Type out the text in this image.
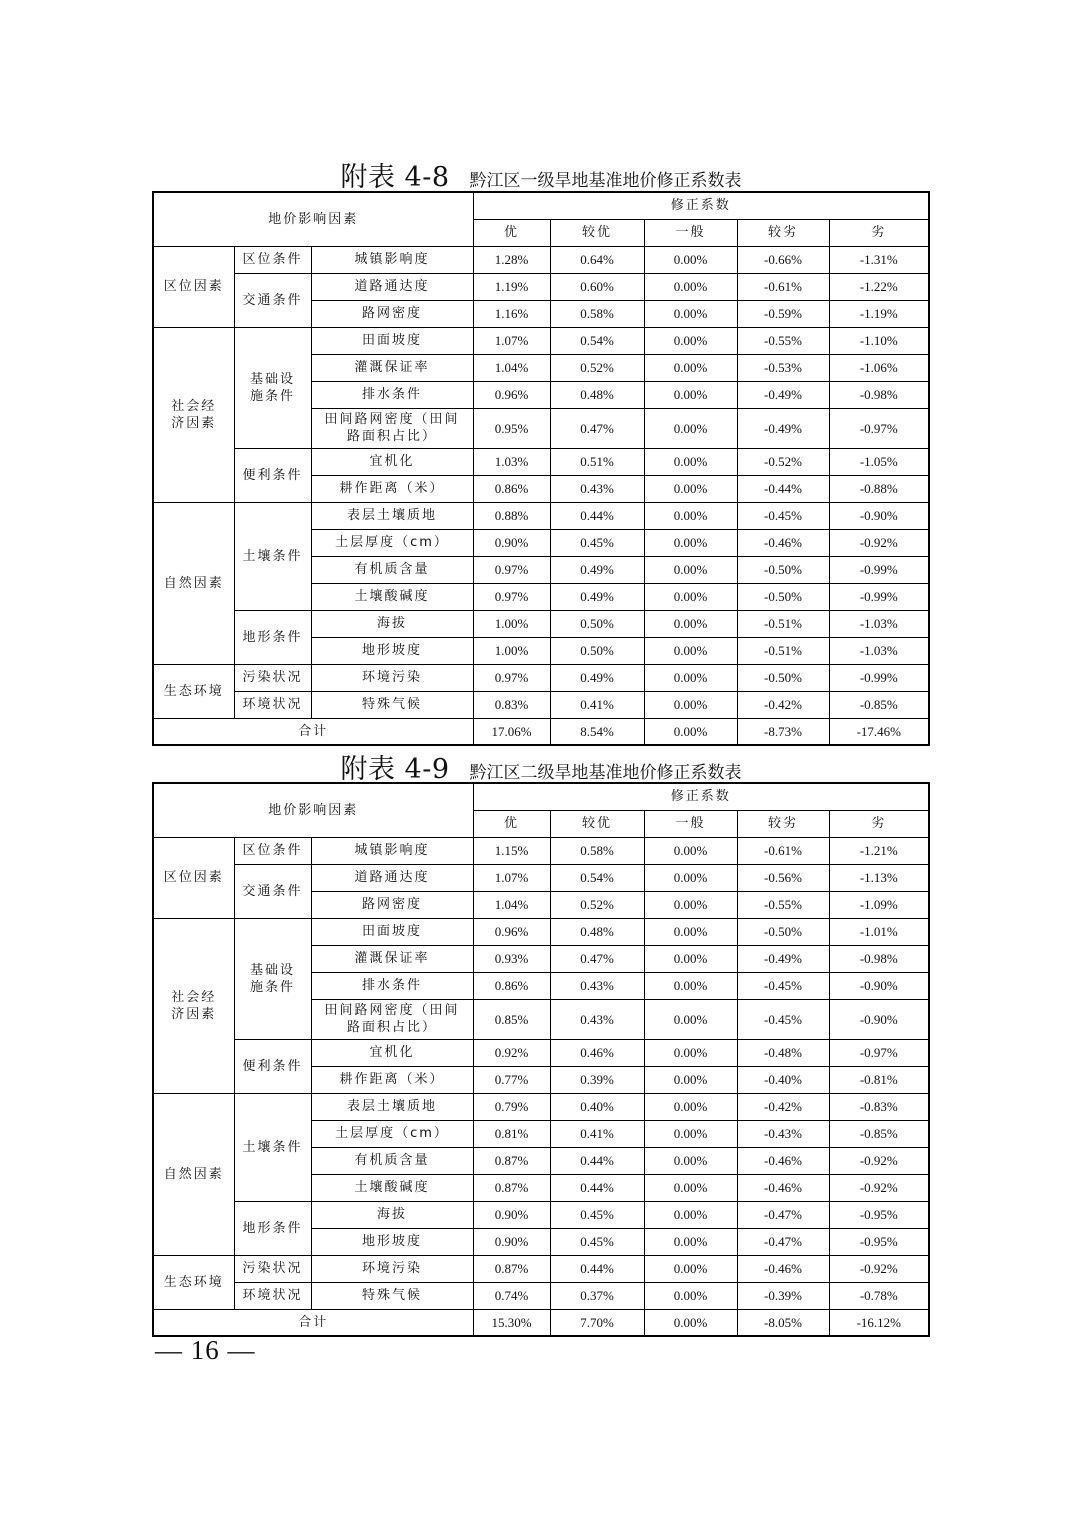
附表 4-8 黔江区一级旱地基准地价修正系数表
地价影响因素			修正系数				
			优	较优	一般	较劣	劣
区位因素	区位条件	城镇影响度	1.28%	0.64%	0.00%	-0.66%	-1.31%
	交通条件	道路通达度	1.19%	0.60%	0.00%	-0.61%	-1.22%
		路网密度	1.16%	0.58%	0.00%	-0.59%	-1.19%
社会经济因素	基础设施条件	田面坡度	1.07%	0.54%	0.00%	-0.55%	-1.10%
		灌溉保证率	1.04%	0.52%	0.00%	-0.53%	-1.06%
		排水条件	0.96%	0.48%	0.00%	-0.49%	-0.98%
		田间路网密度（田间路面积占比）	0.95%	0.47%	0.00%	-0.49%	-0.97%
	便利条件	宜机化	1.03%	0.51%	0.00%	-0.52%	-1.05%
		耕作距离（米）	0.86%	0.43%	0.00%	-0.44%	-0.88%
自然因素	土壤条件	表层土壤质地	0.88%	0.44%	0.00%	-0.45%	-0.90%
		土层厚度（cm）	0.90%	0.45%	0.00%	-0.46%	-0.92%
		有机质含量	0.97%	0.49%	0.00%	-0.50%	-0.99%
		土壤酸碱度	0.97%	0.49%	0.00%	-0.50%	-0.99%
	地形条件	海拔	1.00%	0.50%	0.00%	-0.51%	-1.03%
		地形坡度	1.00%	0.50%	0.00%	-0.51%	-1.03%
生态环境	污染状况	环境污染	0.97%	0.49%	0.00%	-0.50%	-0.99%
	环境状况	特殊气候	0.83%	0.41%	0.00%	-0.42%	-0.85%
合计			17.06%	8.54%	0.00%	-8.73%	-17.46%
附表 4-9 黔江区二级旱地基准地价修正系数表
地价影响因素			修正系数				
			优	较优	一般	较劣	劣
区位因素	区位条件	城镇影响度	1.15%	0.58%	0.00%	-0.61%	-1.21%
	交通条件	道路通达度	1.07%	0.54%	0.00%	-0.56%	-1.13%
		路网密度	1.04%	0.52%	0.00%	-0.55%	-1.09%
社会经济因素	基础设施条件	田面坡度	0.96%	0.48%	0.00%	-0.50%	-1.01%
		灌溉保证率	0.93%	0.47%	0.00%	-0.49%	-0.98%
		排水条件	0.86%	0.43%	0.00%	-0.45%	-0.90%
		田间路网密度（田间路面积占比）	0.85%	0.43%	0.00%	-0.45%	-0.90%
	便利条件	宜机化	0.92%	0.46%	0.00%	-0.48%	-0.97%
		耕作距离（米）	0.77%	0.39%	0.00%	-0.40%	-0.81%
自然因素	土壤条件	表层土壤质地	0.79%	0.40%	0.00%	-0.42%	-0.83%
		土层厚度（cm）	0.81%	0.41%	0.00%	-0.43%	-0.85%
		有机质含量	0.87%	0.44%	0.00%	-0.46%	-0.92%
		土壤酸碱度	0.87%	0.44%	0.00%	-0.46%	-0.92%
	地形条件	海拔	0.90%	0.45%	0.00%	-0.47%	-0.95%
		地形坡度	0.90%	0.45%	0.00%	-0.47%	-0.95%
生态环境	污染状况	环境污染	0.87%	0.44%	0.00%	-0.46%	-0.92%
	环境状况	特殊气候	0.74%	0.37%	0.00%	-0.39%	-0.78%
合计			15.30%	7.70%	0.00%	-8.05%	-16.12%
— 16 —
